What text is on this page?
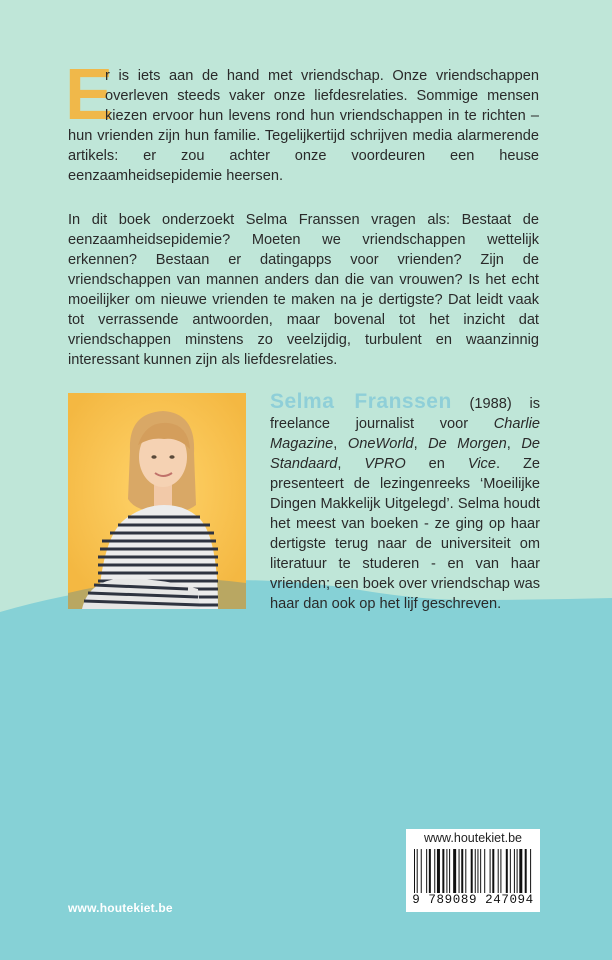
E
r is iets aan de hand met vriendschap. Onze vriendschappen overleven steeds vaker onze liefdesrelaties. Sommige mensen kiezen ervoor hun levens rond hun vriendschappen in te richten – hun vrienden zijn hun familie. Tegelijkertijd schrijven media alarmerende artikels: er zou achter onze voordeuren een heuse eenzaamheidsepidemie heersen.

In dit boek onderzoekt Selma Franssen vragen als: Bestaat de eenzaamheidsepidemie? Moeten we vriendschappen wettelijk erkennen? Bestaan er datingapps voor vrienden? Zijn de vriendschappen van mannen anders dan die van vrouwen? Is het echt moeilijker om nieuwe vrienden te maken na je dertigste? Dat leidt vaak tot verrassende antwoorden, maar bovenal tot het inzicht dat vriendschappen minstens zo veelzijdig, turbulent en waanzinnig interessant kunnen zijn als liefdesrelaties.

Selma Franssen (1988) is freelance journalist voor Charlie Magazine, OneWorld, De Morgen, De Standaard, VPRO en Vice. Ze presenteert de lezingenreeks ‘Moeilijke Dingen Makkelijk Uitgelegd’. Selma houdt het meest van boeken - ze ging op haar dertigste terug naar de universiteit om literatuur te studeren - en van haar vrienden; een boek over vriendschap was haar dan ook op het lijf geschreven.

www.houtekiet.be
9 789089 247094
www.houtekiet.be
